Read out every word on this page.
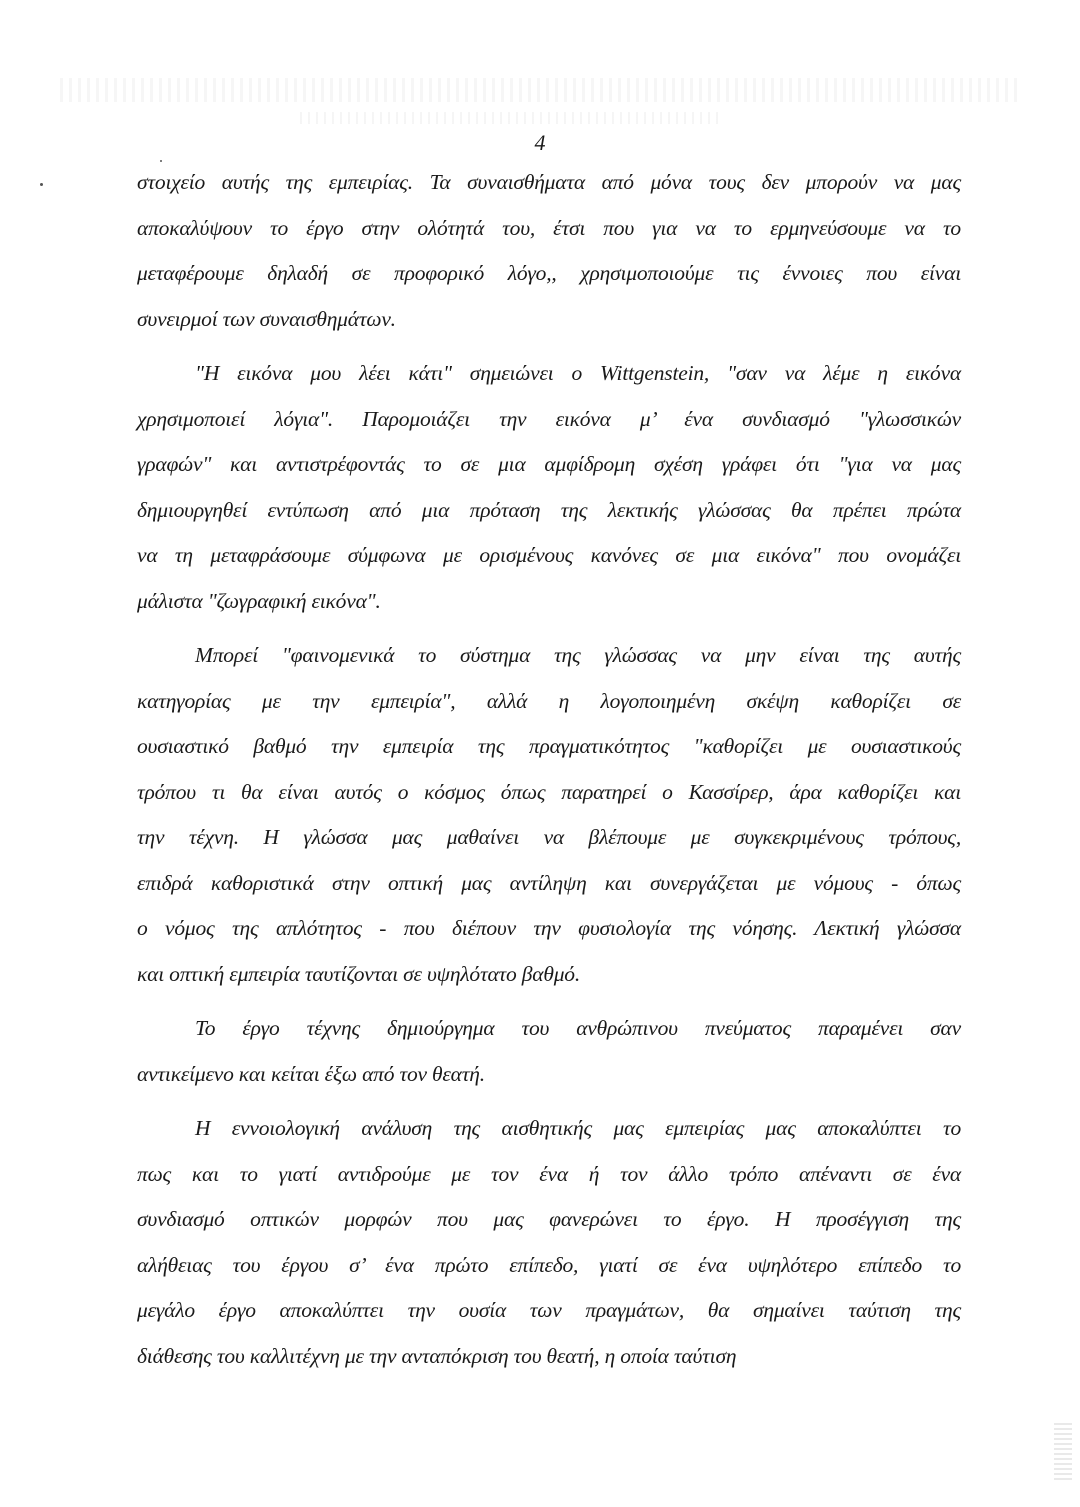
4
στοιχείο αυτής της εμπειρίας. Τα συναισθήματα από μόνα τους δεν μπορούν να μας
αποκαλύψουν το έργο στην ολότητά του, έτσι που για να το ερμηνεύσουμε να το
μεταφέρουμε δηλαδή σε προφορικό λόγο,, χρησιμοποιούμε τις έννοιες που είναι
συνειρμοί των συναισθημάτων.
"Η εικόνα μου λέει κάτι" σημειώνει ο Wittgenstein, "σαν να λέμε η εικόνα
χρησιμοποιεί λόγια". Παρομοιάζει την εικόνα μ’ ένα συνδιασμό "γλωσσικών
γραφών" και αντιστρέφοντάς το σε μια αμφίδρομη σχέση γράφει ότι "για να μας
δημιουργηθεί εντύπωση από μια πρόταση της λεκτικής γλώσσας θα πρέπει πρώτα
να τη μεταφράσουμε σύμφωνα με ορισμένους κανόνες σε μια εικόνα" που ονομάζει
μάλιστα "ζωγραφική εικόνα".
Μπορεί "φαινομενικά το σύστημα της γλώσσας να μην είναι της αυτής
κατηγορίας με την εμπειρία", αλλά η λογοποιημένη σκέψη καθορίζει σε
ουσιαστικό βαθμό την εμπειρία της πραγματικότητος "καθορίζει με ουσιαστικούς
τρόπου τι θα είναι αυτός ο κόσμος όπως παρατηρεί ο Κασσίρερ, άρα καθορίζει και
την τέχνη. Η γλώσσα μας μαθαίνει να βλέπουμε με συγκεκριμένους τρόπους,
επιδρά καθοριστικά στην οπτική μας αντίληψη και συνεργάζεται με νόμους - όπως
ο νόμος της απλότητος - που διέπουν την φυσιολογία της νόησης. Λεκτική γλώσσα
και οπτική εμπειρία ταυτίζονται σε υψηλότατο βαθμό.
Το έργο τέχνης δημιούργημα του ανθρώπινου πνεύματος παραμένει σαν
αντικείμενο και κείται έξω από τον θεατή.
Η εννοιολογική ανάλυση της αισθητικής μας εμπειρίας μας αποκαλύπτει το
πως και το γιατί αντιδρούμε με τον ένα ή τον άλλο τρόπο απέναντι σε ένα
συνδιασμό οπτικών μορφών που μας φανερώνει το έργο. Η προσέγγιση της
αλήθειας του έργου σ’ ένα πρώτο επίπεδο, γιατί σε ένα υψηλότερο επίπεδο το
μεγάλο έργο αποκαλύπτει την ουσία των πραγμάτων, θα σημαίνει ταύτιση της
διάθεσης του καλλιτέχνη με την ανταπόκριση του θεατή, η οποία ταύτιση
